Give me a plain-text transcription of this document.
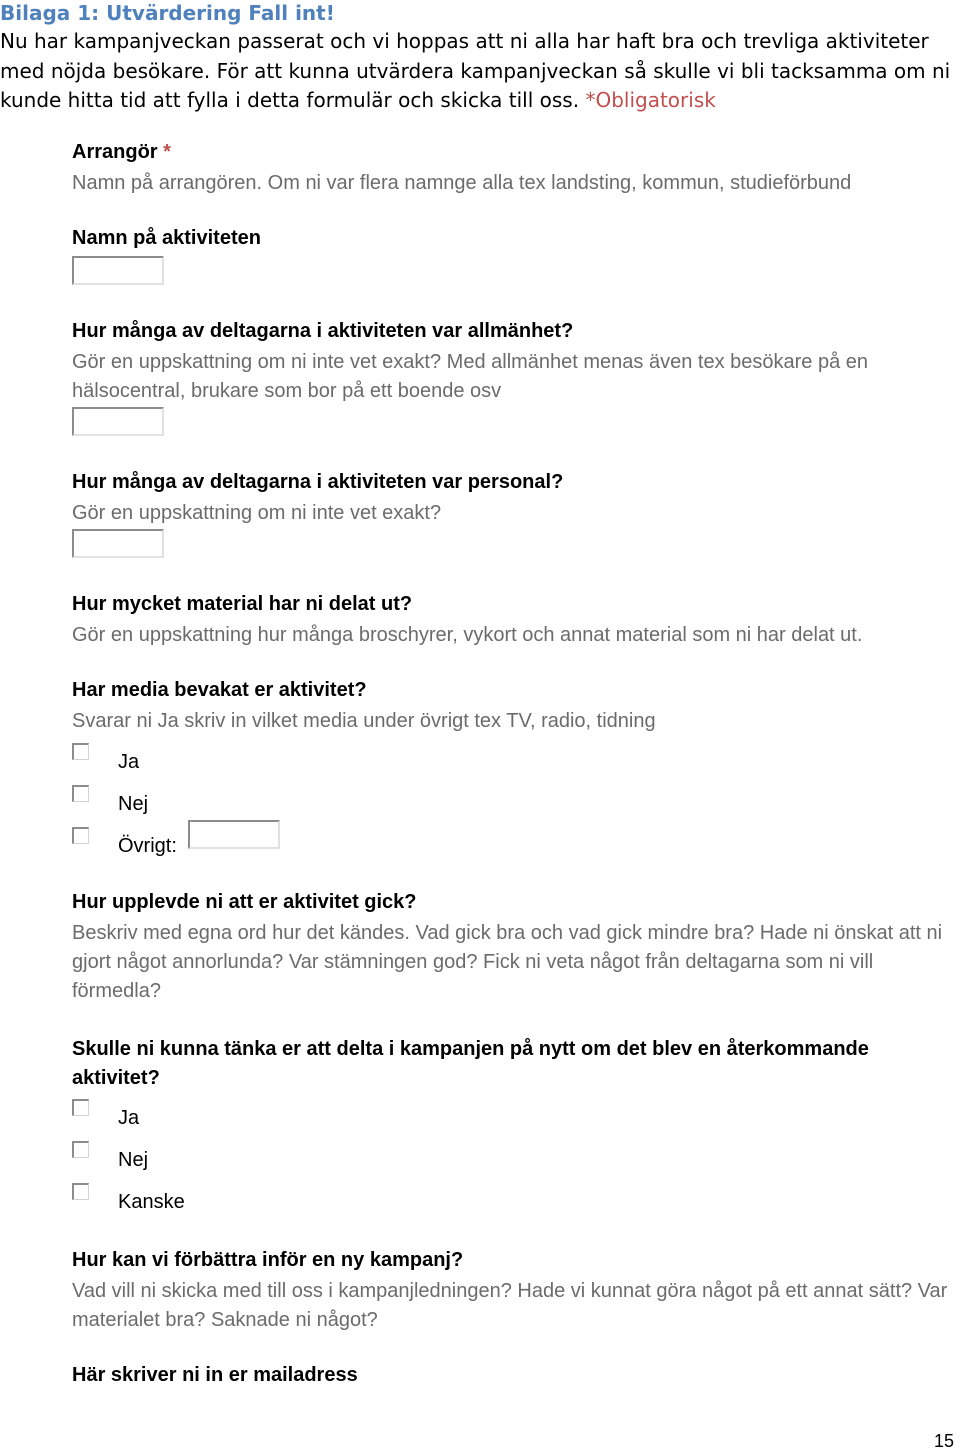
Bilaga 1: Utvärdering Fall int!
Nu har kampanjveckan passerat och vi hoppas att ni alla har haft bra och trevliga aktiviteter med nöjda besökare. För att kunna utvärdera kampanjveckan så skulle vi bli tacksamma om ni kunde hitta tid att fylla i detta formulär och skicka till oss. *Obligatorisk
Arrangör *
Namn på arrangören. Om ni var flera namnge alla tex landsting, kommun, studieförbund
Namn på aktiviteten
Hur många av deltagarna i aktiviteten var allmänhet?
Gör en uppskattning om ni inte vet exakt? Med allmänhet menas även tex besökare på en hälsocentral, brukare som bor på ett boende osv
Hur många av deltagarna i aktiviteten var personal?
Gör en uppskattning om ni inte vet exakt?
Hur mycket material har ni delat ut?
Gör en uppskattning hur många broschyrer, vykort och annat material som ni har delat ut.
Har media bevakat er aktivitet?
Svarar ni Ja skriv in vilket media under övrigt tex TV, radio, tidning
Ja
Nej
Övrigt:
Hur upplevde ni att er aktivitet gick?
Beskriv med egna ord hur det kändes. Vad gick bra och vad gick mindre bra? Hade ni önskat att ni gjort något annorlunda? Var stämningen god? Fick ni veta något från deltagarna som ni vill förmedla?
Skulle ni kunna tänka er att delta i kampanjen på nytt om det blev en återkommande aktivitet?
Ja
Nej
Kanske
Hur kan vi förbättra inför en ny kampanj?
Vad vill ni skicka med till oss i kampanjledningen? Hade vi kunnat göra något på ett annat sätt? Var materialet bra? Saknade ni något?
Här skriver ni in er mailadress
15
